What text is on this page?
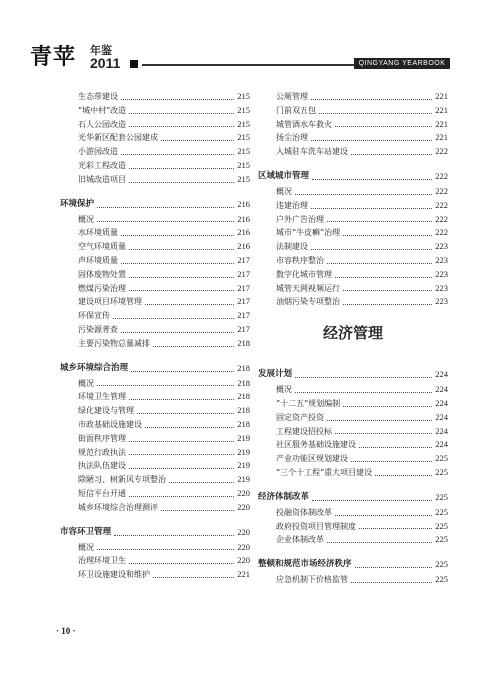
青苹 年鉴
2011	QINGYANG YEARBOOK
生态带建设	215
“城中村”改造	215
石人公园改造	215
光华新区配套公园建成	215
小游园改造	215
光彩工程改造	215
旧城改造项目	215
环境保护	216
概况	216
水环境质量	216
空气环境质量	216
声环境质量	217
固体废物处置	217
燃煤污染治理	217
建设项目环境管理	217
环保宣传	217
污染源普查	217
主要污染物总量减排	218
城乡环境综合治理	218
概况	218
环境卫生管理	218
绿化建设与管理	218
市政基础设施建设	218
街面秩序管理	219
规范行政执法	219
执法队伍建设	219
除陋习、树新风专项整治	219
短信平台开通	220
城乡环境综合治理测评	220
市容环卫管理	220
概况	220
治理环境卫生	220
环卫设施建设和维护	221
公厕管理	221
门前双五包	221
城管酒水车救火	221
扬尘治理	221
入城驻车洗车站建设	222
区域城市管理	222
概况	222
违建治理	222
户外广告治理	222
城市“牛皮癣”治理	222
法制建设	223
市容秩序整治	223
数字化城市管理	223
城管天网视频运行	223
油烟污染专项整治	223
经济管理
发展计划	224
概况	224
“十二五”规划编制	224
固定资产投资	224
工程建设招投标	224
社区服务基础设施建设	224
产业功能区规划建设	225
“三个十工程”重大项目建设	225
经济体制改革	225
投融资体制改革	225
政府投资项目管理制度	225
企业体制改革	225
整顿和规范市场经济秩序	225
应急机制下价格监管	225
· 10 ·
